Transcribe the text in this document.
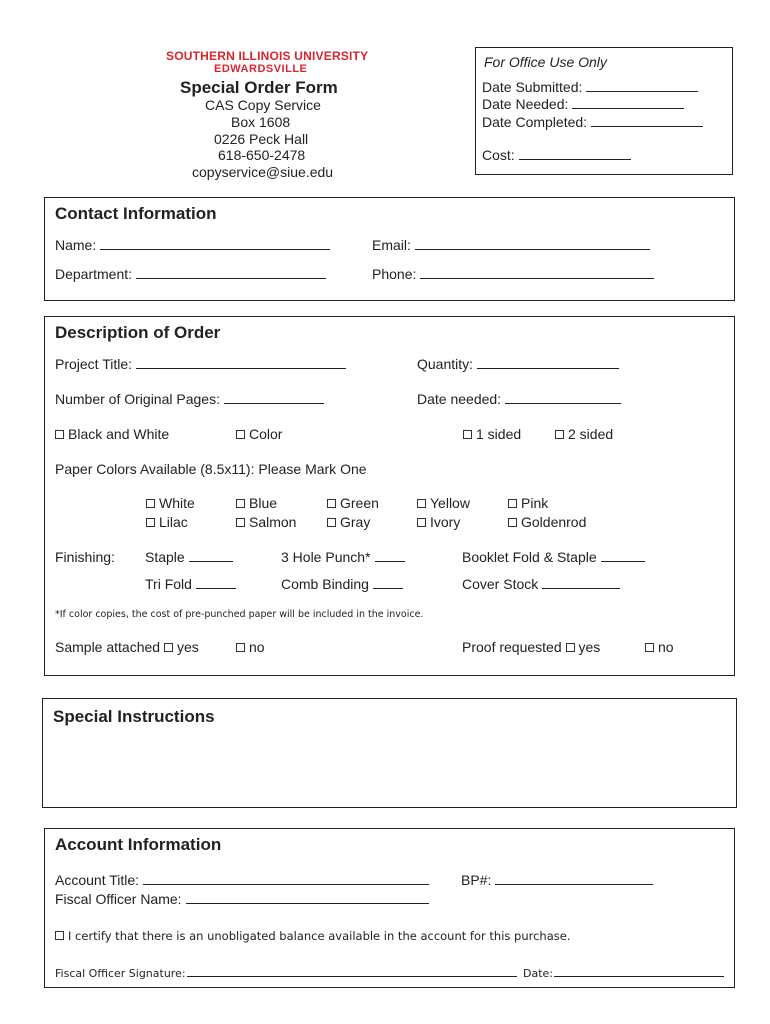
SOUTHERN ILLINOIS UNIVERSITY
EDWARDSVILLE
Special Order Form
CAS Copy Service
Box 1608
0226 Peck Hall
618-650-2478
copyservice@siue.edu
For Office Use Only
Date Submitted:
Date Needed:
Date Completed:
Cost:
Contact Information
Name:	Email:
Department:	Phone:
Description of Order
Project Title:	Quantity:
Number of Original Pages:	Date needed:
Black and White	Color	1 sided	2 sided
Paper Colors Available (8.5x11): Please Mark One
White	Blue	Green	Yellow	Pink
Lilac	Salmon	Gray	Ivory	Goldenrod
Finishing: Staple	3 Hole Punch*	Booklet Fold & Staple
Tri Fold	Comb Binding	Cover Stock
*If color copies, the cost of pre-punched paper will be included in the invoice.
Sample attached yes	no	Proof requested yes	no
Special Instructions
Account Information
Account Title:	BP#:
Fiscal Officer Name:
I certify that there is an unobligated balance available in the account for this purchase.
Fiscal Officer Signature:	Date:
